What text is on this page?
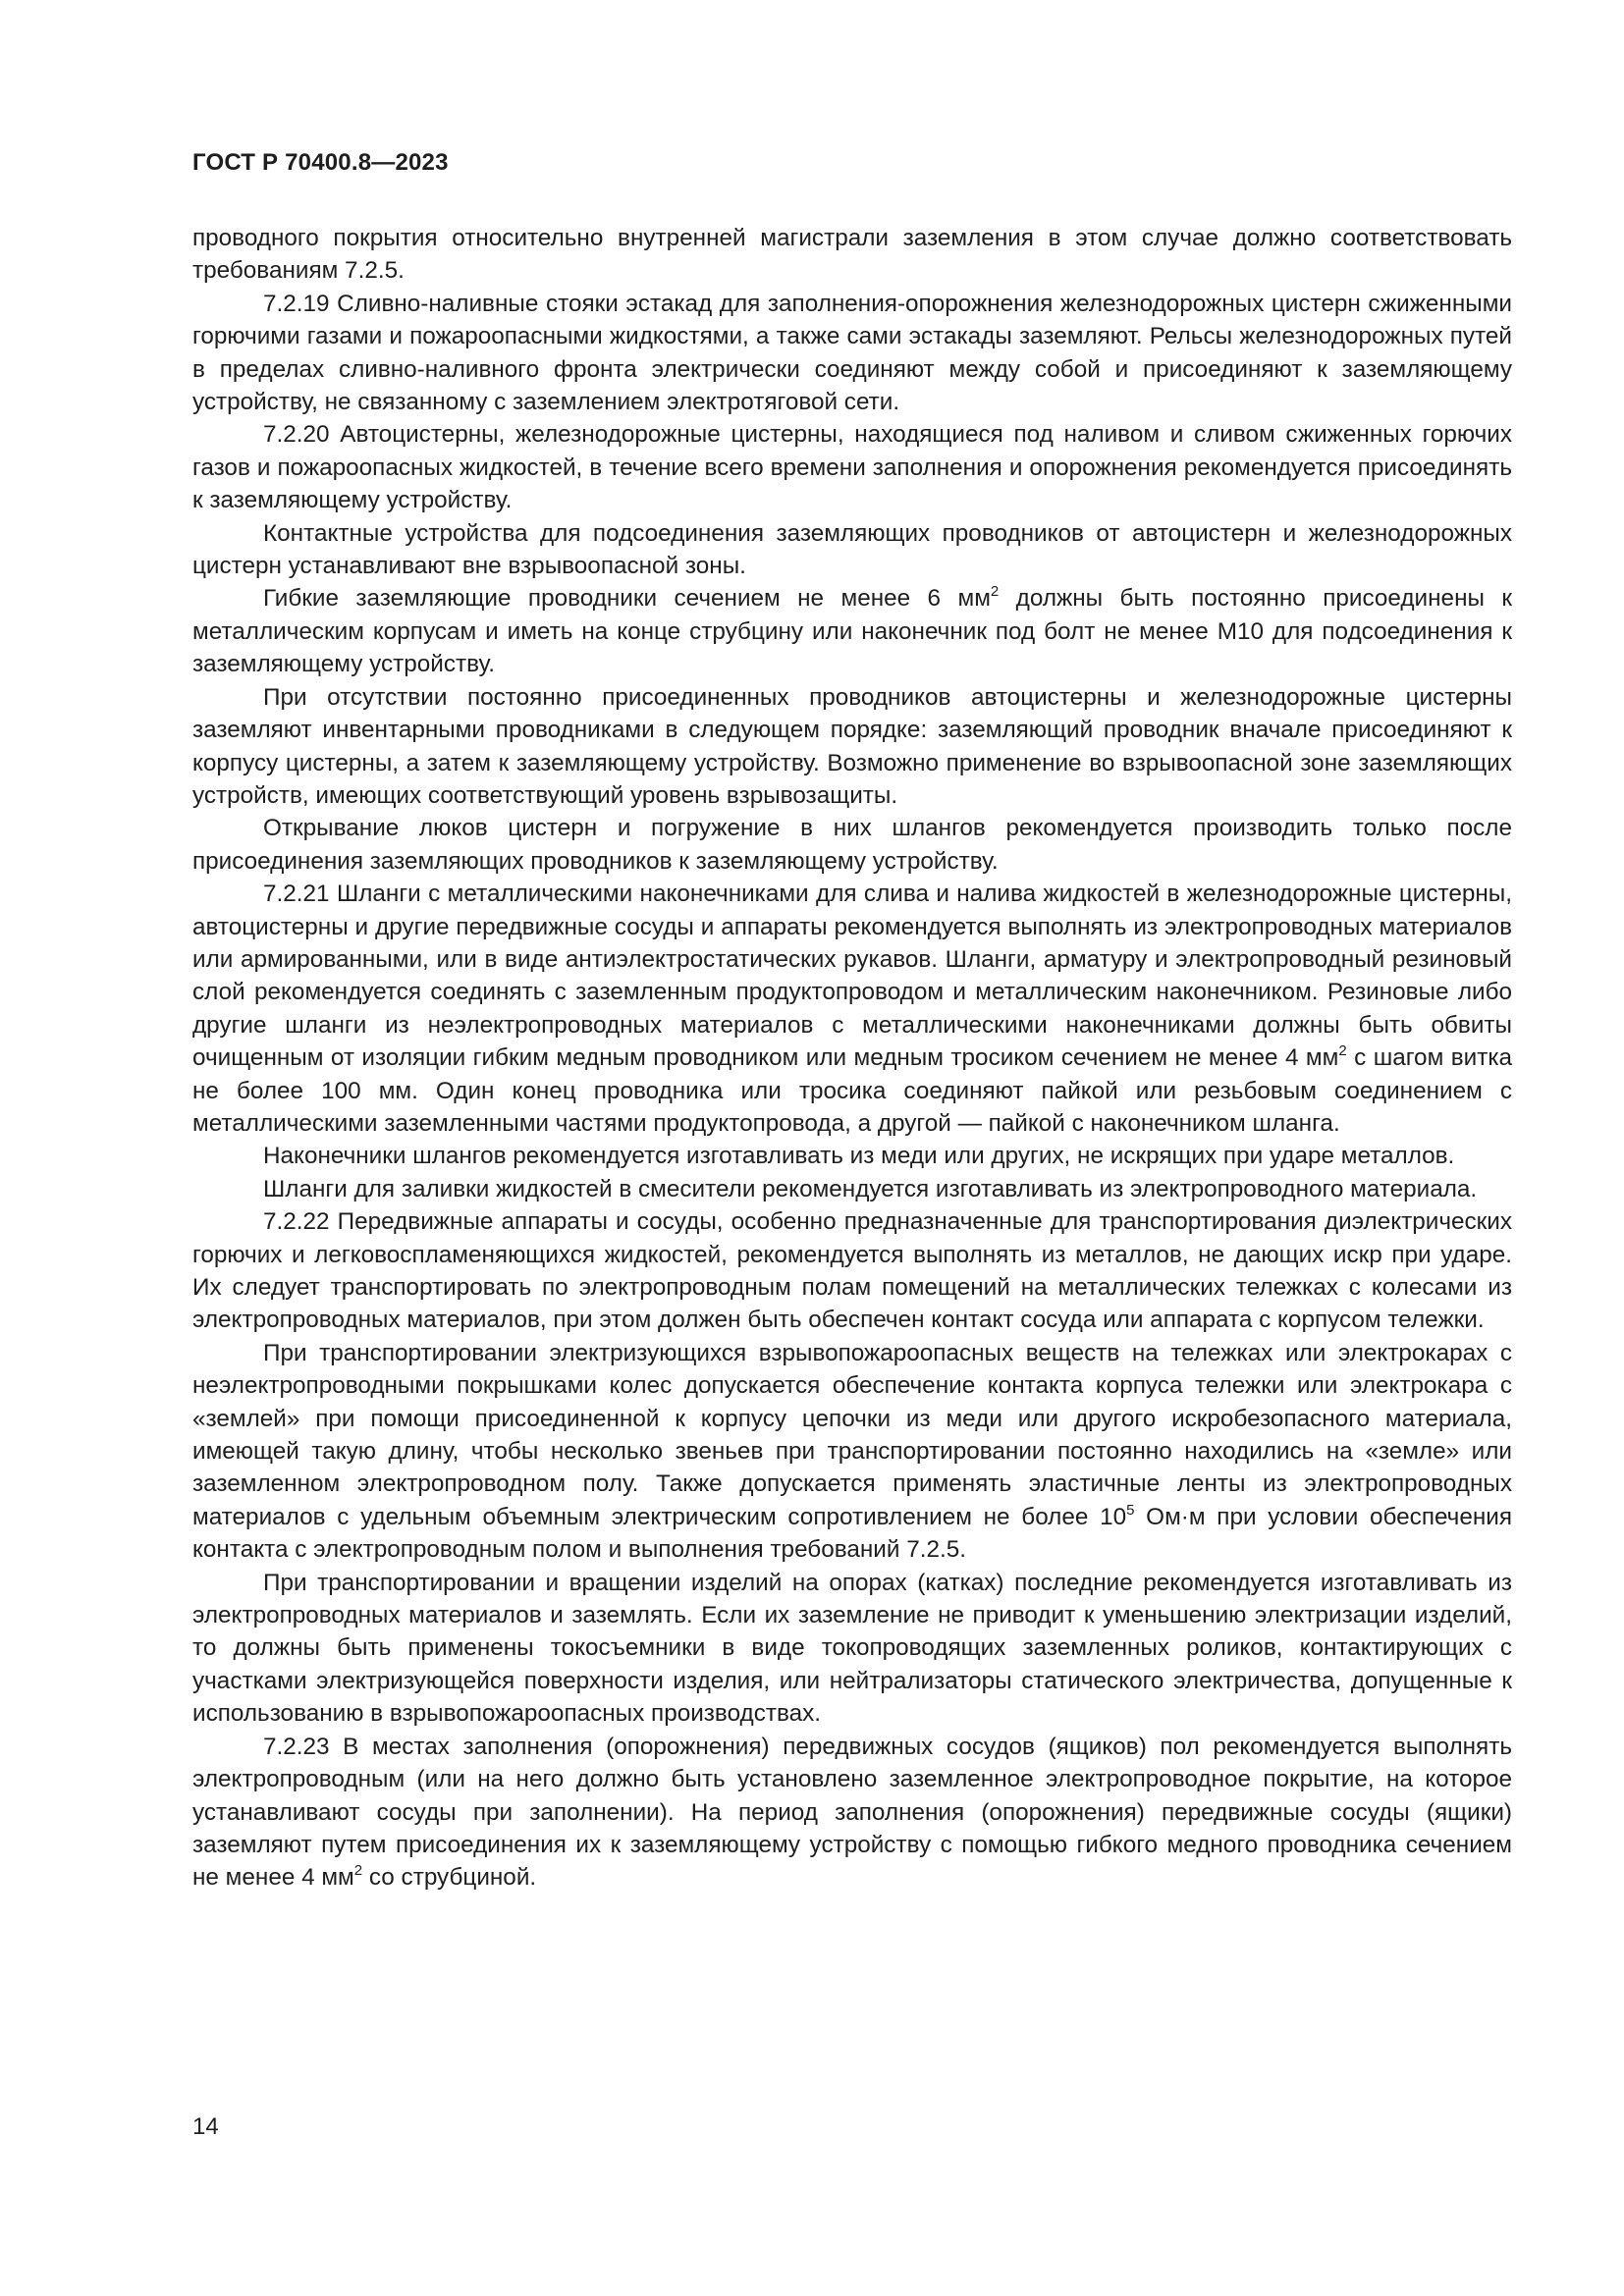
ГОСТ Р 70400.8—2023

проводного покрытия относительно внутренней магистрали заземления в этом случае должно соответствовать требованиям 7.2.5.

7.2.19 Сливно-наливные стояки эстакад для заполнения-опорожнения железнодорожных цистерн сжиженными горючими газами и пожароопасными жидкостями, а также сами эстакады заземляют. Рельсы железнодорожных путей в пределах сливно-наливного фронта электрически соединяют между собой и присоединяют к заземляющему устройству, не связанному с заземлением электротяговой сети.

7.2.20 Автоцистерны, железнодорожные цистерны, находящиеся под наливом и сливом сжиженных горючих газов и пожароопасных жидкостей, в течение всего времени заполнения и опорожнения рекомендуется присоединять к заземляющему устройству.

Контактные устройства для подсоединения заземляющих проводников от автоцистерн и железнодорожных цистерн устанавливают вне взрывоопасной зоны.

Гибкие заземляющие проводники сечением не менее 6 $мм^2$ должны быть постоянно присоединены к металлическим корпусам и иметь на конце струбцину или наконечник под болт не менее М10 для подсоединения к заземляющему устройству.

При отсутствии постоянно присоединенных проводников автоцистерны и железнодорожные цистерны заземляют инвентарными проводниками в следующем порядке: заземляющий проводник вначале присоединяют к корпусу цистерны, а затем к заземляющему устройству. Возможно применение во взрывоопасной зоне заземляющих устройств, имеющих соответствующий уровень взрывозащиты.

Открывание люков цистерн и погружение в них шлангов рекомендуется производить только после присоединения заземляющих проводников к заземляющему устройству.

7.2.21 Шланги с металлическими наконечниками для слива и налива жидкостей в железнодорожные цистерны, автоцистерны и другие передвижные сосуды и аппараты рекомендуется выполнять из электропроводных материалов или армированными, или в виде антиэлектростатических рукавов. Шланги, арматуру и электропроводный резиновый слой рекомендуется соединять с заземленным продуктопроводом и металлическим наконечником. Резиновые либо другие шланги из неэлектропроводных материалов с металлическими наконечниками должны быть обвиты очищенным от изоляции гибким медным проводником или медным тросиком сечением не менее 4 $мм^2$ с шагом витка не более 100 мм. Один конец проводника или тросика соединяют пайкой или резьбовым соединением с металлическими заземленными частями продуктопровода, а другой — пайкой с наконечником шланга.

Наконечники шлангов рекомендуется изготавливать из меди или других, не искрящих при ударе металлов.

Шланги для заливки жидкостей в смесители рекомендуется изготавливать из электропроводного материала.

7.2.22 Передвижные аппараты и сосуды, особенно предназначенные для транспортирования диэлектрических горючих и легковоспламеняющихся жидкостей, рекомендуется выполнять из металлов, не дающих искр при ударе. Их следует транспортировать по электропроводным полам помещений на металлических тележках с колесами из электропроводных материалов, при этом должен быть обеспечен контакт сосуда или аппарата с корпусом тележки.

При транспортировании электризующихся взрывопожароопасных веществ на тележках или электрокарах с неэлектропроводными покрышками колес допускается обеспечение контакта корпуса тележки или электрокара с «землей» при помощи присоединенной к корпусу цепочки из меди или другого искробезопасного материала, имеющей такую длину, чтобы несколько звеньев при транспортировании постоянно находились на «земле» или заземленном электропроводном полу. Также допускается применять эластичные ленты из электропроводных материалов с удельным объемным электрическим сопротивлением не более $10^5$ Ом·м при условии обеспечения контакта с электропроводным полом и выполнения требований 7.2.5.

При транспортировании и вращении изделий на опорах (катках) последние рекомендуется изготавливать из электропроводных материалов и заземлять. Если их заземление не приводит к уменьшению электризации изделий, то должны быть применены токосъемники в виде токопроводящих заземленных роликов, контактирующих с участками электризующейся поверхности изделия, или нейтрализаторы статического электричества, допущенные к использованию в взрывопожароопасных производствах.

7.2.23 В местах заполнения (опорожнения) передвижных сосудов (ящиков) пол рекомендуется выполнять электропроводным (или на него должно быть установлено заземленное электропроводное покрытие, на которое устанавливают сосуды при заполнении). На период заполнения (опорожнения) передвижные сосуды (ящики) заземляют путем присоединения их к заземляющему устройству с помощью гибкого медного проводника сечением не менее 4 $мм^2$ со струбциной.

14
